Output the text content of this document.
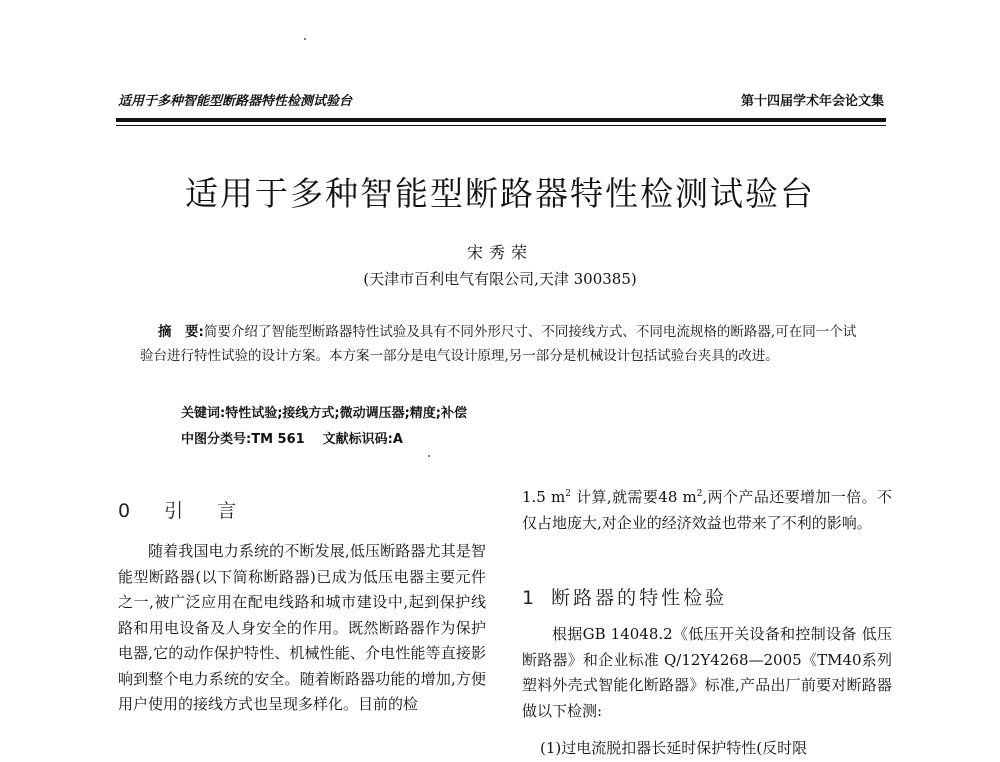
适用于多种智能型断路器特性检测试验台	第十四届学术年会论文集
适用于多种智能型断路器特性检测试验台
宋秀荣
(天津市百利电气有限公司,天津 300385)

摘　要:简要介绍了智能型断路器特性试验及具有不同外形尺寸、不同接线方式、不同电流规格的断路器,可在同一个试验台进行特性试验的设计方案。本方案一部分是电气设计原理,另一部分是机械设计包括试验台夹具的改进。

关键词:特性试验;接线方式;微动调压器;精度;补偿
中图分类号:TM 561 文献标识码:A
0 引 言

随着我国电力系统的不断发展,低压断路器尤其是智能型断路器(以下简称断路器)已成为低压电器主要元件之一,被广泛应用在配电线路和城市建设中,起到保护线路和用电设备及人身安全的作用。既然断路器作为保护电器,它的动作保护特性、机械性能、介电性能等直接影响到整个电力系统的安全。随着断路器功能的增加,方便用户使用的接线方式也呈现多样化。目前的检

1.5 $m^2$ 计算,就需要48 $m^2$,两个产品还要增加一倍。不仅占地庞大,对企业的经济效益也带来了不利的影响。

1 断路器的特性检验

根据GB 14048.2《低压开关设备和控制设备 低压断路器》和企业标准 Q/12Y4268—2005《TM40系列塑料外壳式智能化断路器》标准,产品出厂前要对断路器做以下检测:

(1)过电流脱扣器长延时保护特性(反时限
